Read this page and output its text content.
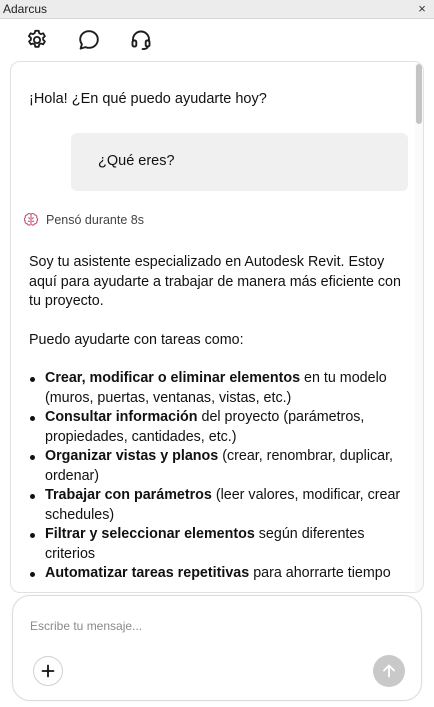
Adarcus	×
¡Hola! ¿En qué puedo ayudarte hoy?
¿Qué eres?
Pensó durante 8s

Soy tu asistente especializado en Autodesk Revit. Estoy aquí para ayudarte a trabajar de manera más eficiente con tu proyecto.

Puedo ayudarte con tareas como:

Crear, modificar o eliminar elementos en tu modelo (muros, puertas, ventanas, vistas, etc.)
Consultar información del proyecto (parámetros, propiedades, cantidades, etc.)
Organizar vistas y planos (crear, renombrar, duplicar, ordenar)
Trabajar con parámetros (leer valores, modificar, crear schedules)
Filtrar y seleccionar elementos según diferentes criterios
Automatizar tareas repetitivas para ahorrarte tiempo
Escribe tu mensaje...
